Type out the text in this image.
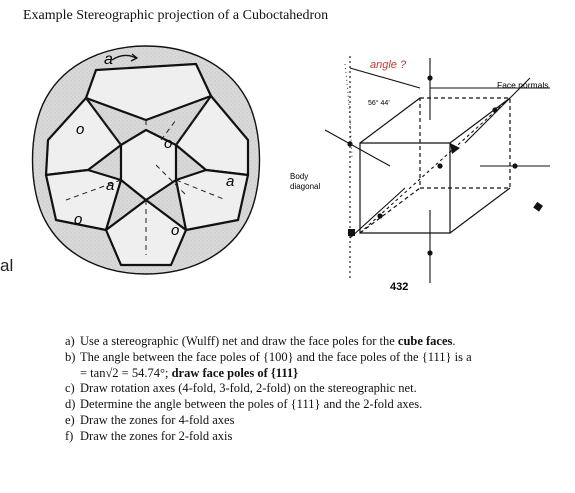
Example Stereographic projection of a Cuboctahedron
al
a
o
o
a	a
o
o
angle ?
56° 44'
Face normals
Body
diagonal
432
a) Use a stereographic (Wulff) net and draw the face poles for the cube faces.
b) The angle between the face poles of {100} and the face poles of the {111} is a
= tan√2 = 54.74°; draw face poles of {111}
c) Draw rotation axes (4-fold, 3-fold, 2-fold) on the stereographic net.
d) Determine the angle between the poles of {111} and the 2-fold axes.
e) Draw the zones for 4-fold axes
f) Draw the zones for 2-fold axis
